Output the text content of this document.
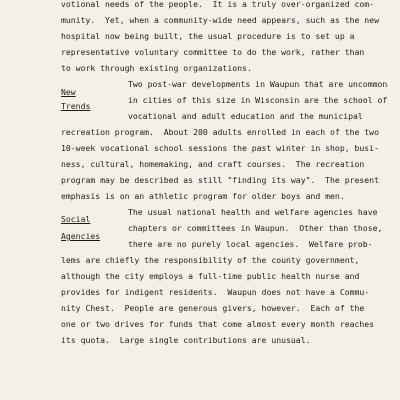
New
Trends
Social
Agencies
votional needs of the people.  It is a truly over-organized com-
munity.  Yet, when a community-wide need appears, such as the new
hospital now being built, the usual procedure is to set up a
representative voluntary committee to do the work, rather than
to work through existing organizations.
Two post-war developments in Waupun that are uncommon
in cities of this size in Wisconsin are the school of
vocational and adult education and the municipal
recreation program.  About 200 adults enrolled in each of the two
10-week vocational school sessions the past winter in shop, busi-
ness, cultural, homemaking, and craft courses.  The recreation
program may be described as still "finding its way".  The present
emphasis is on an athletic program for older boys and men.
The usual national health and welfare agencies have
chapters or committees in Waupun.  Other than those,
there are no purely local agencies.  Welfare prob-
lems are chiefly the responsibility of the county government,
although the city employs a full-time public health nurse and
provides for indigent residents.  Waupun does not have a Commu-
nity Chest.  People are generous givers, however.  Each of the
one or two drives for funds that come almost every month reaches
its quota.  Large single contributions are unusual.
